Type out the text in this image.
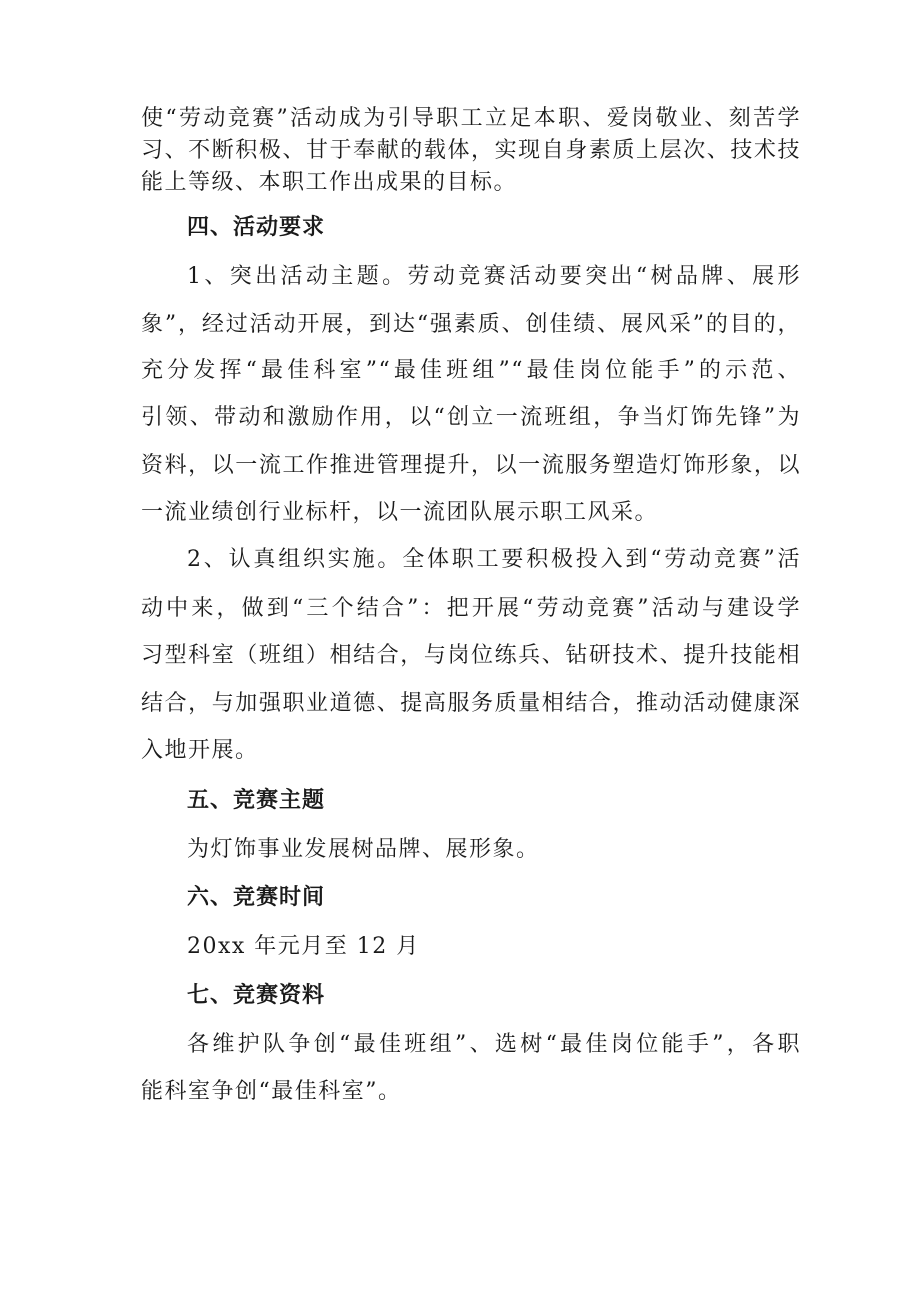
使“劳动竞赛”活动成为引导职工立足本职、爱岗敬业、刻苦学
习、不断积极、甘于奉献的载体，实现自身素质上层次、技术技
能上等级、本职工作出成果的目标。
四、活动要求
1、突出活动主题。劳动竞赛活动要突出“树品牌、展形
象”，经过活动开展，到达“强素质、创佳绩、展风采”的目的，
充分发挥“最佳科室”“最佳班组”“最佳岗位能手”的示范、
引领、带动和激励作用，以“创立一流班组，争当灯饰先锋”为
资料，以一流工作推进管理提升，以一流服务塑造灯饰形象，以
一流业绩创行业标杆，以一流团队展示职工风采。
2、认真组织实施。全体职工要积极投入到“劳动竞赛”活
动中来，做到“三个结合”：把开展“劳动竞赛”活动与建设学
习型科室（班组）相结合，与岗位练兵、钻研技术、提升技能相
结合，与加强职业道德、提高服务质量相结合，推动活动健康深
入地开展。
五、竞赛主题
为灯饰事业发展树品牌、展形象。
六、竞赛时间
20xx 年元月至 12 月
七、竞赛资料
各维护队争创“最佳班组”、选树“最佳岗位能手”，各职
能科室争创“最佳科室”。
